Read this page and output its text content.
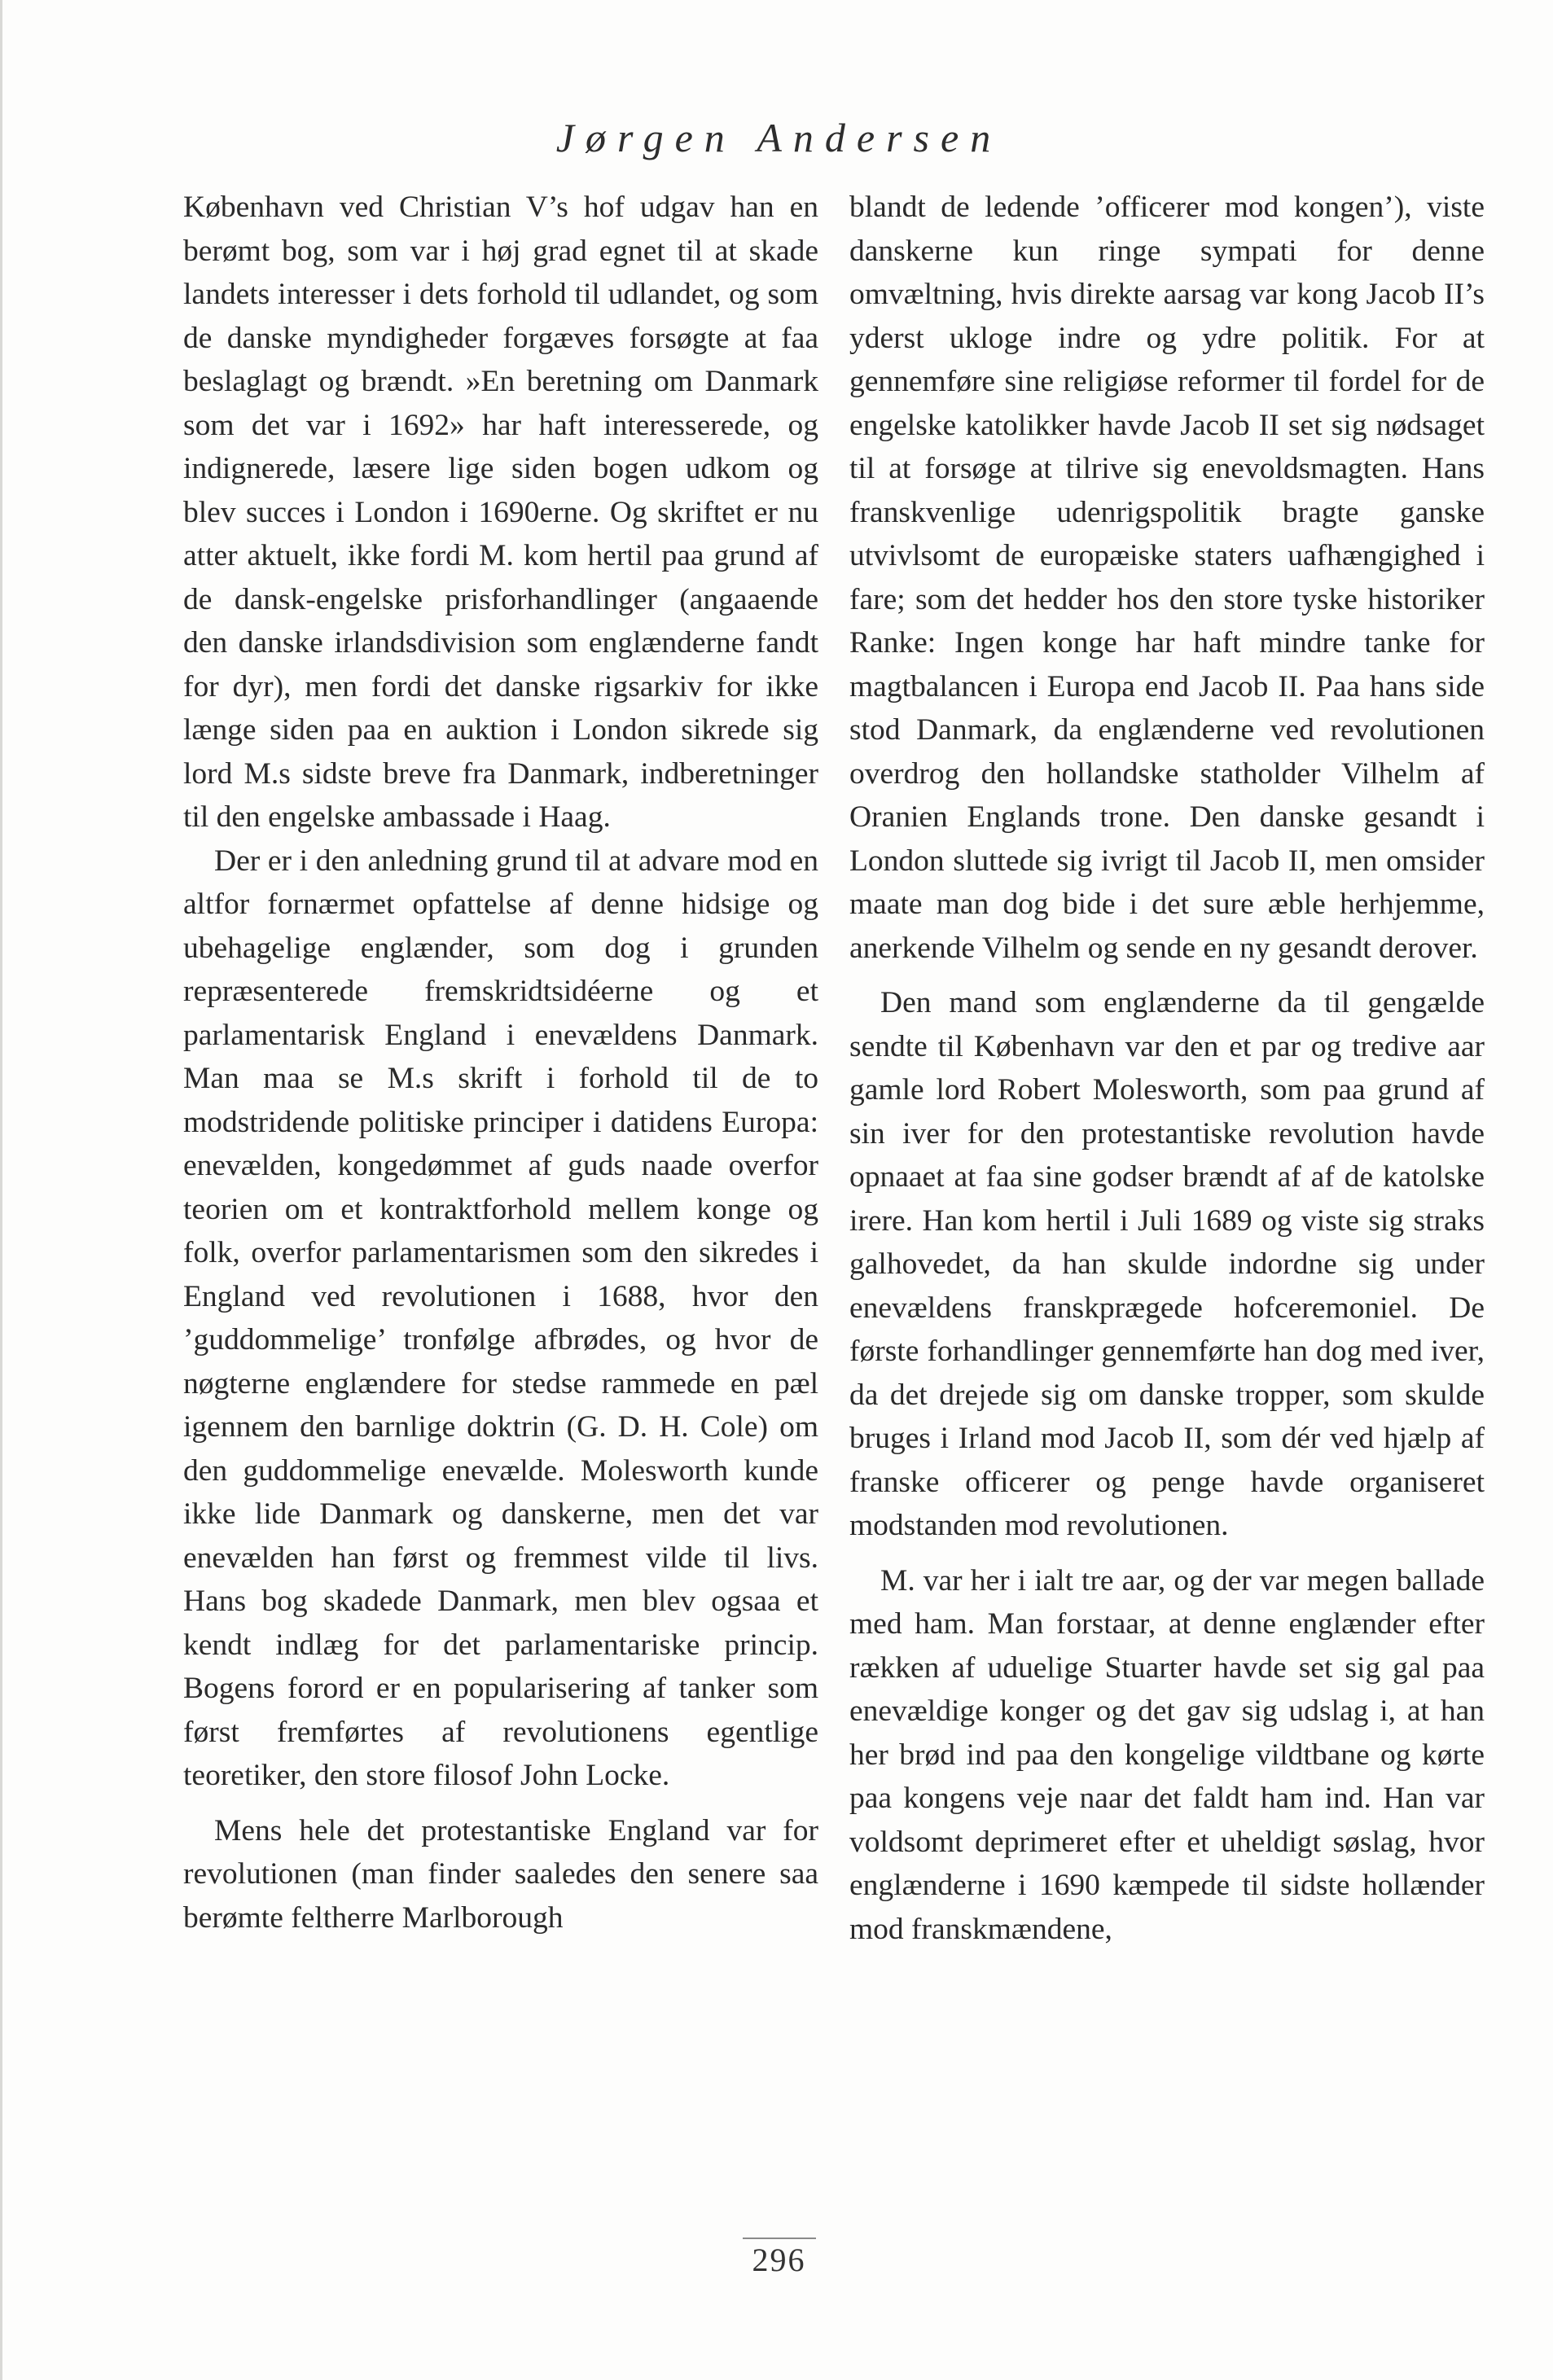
Jørgen Andersen

København ved Christian V’s hof udgav han en berømt bog, som var i høj grad egnet til at skade landets interesser i dets forhold til udlandet, og som de danske myndigheder forgæves forsøgte at faa beslaglagt og brændt. »En beretning om Danmark som det var i 1692» har haft interesserede, og indignerede, læsere lige siden bogen udkom og blev succes i London i 1690erne. Og skriftet er nu atter aktuelt, ikke fordi M. kom hertil paa grund af de dansk-engelske prisforhandlinger (angaaende den danske irlandsdivision som englænderne fandt for dyr), men fordi det danske rigsarkiv for ikke længe siden paa en auktion i London sikrede sig lord M.s sidste breve fra Danmark, indberetninger til den engelske ambassade i Haag.

Der er i den anledning grund til at advare mod en altfor fornærmet opfattelse af denne hidsige og ubehagelige englænder, som dog i grunden repræsenterede fremskridtsidéerne og et parlamentarisk England i enevældens Danmark. Man maa se M.s skrift i forhold til de to modstridende politiske principer i datidens Europa: enevælden, kongedømmet af guds naade overfor teorien om et kontraktforhold mellem konge og folk, overfor parlamentarismen som den sikredes i England ved revolutionen i 1688, hvor den ’guddommelige’ tronfølge afbrødes, og hvor de nøgterne englændere for stedse rammede en pæl igennem den barnlige doktrin (G. D. H. Cole) om den guddommelige enevælde. Molesworth kunde ikke lide Danmark og danskerne, men det var enevælden han først og fremmest vilde til livs. Hans bog skadede Danmark, men blev ogsaa et kendt indlæg for det parlamentariske princip. Bogens forord er en popularisering af tanker som først fremførtes af revolutionens egentlige teoretiker, den store filosof John Locke.

Mens hele det protestantiske England var for revolutionen (man finder saaledes den senere saa berømte feltherre Marlborough

blandt de ledende ’officerer mod kongen’), viste danskerne kun ringe sympati for denne omvæltning, hvis direkte aarsag var kong Jacob II’s yderst ukloge indre og ydre politik. For at gennemføre sine religiøse reformer til fordel for de engelske katolikker havde Jacob II set sig nødsaget til at forsøge at tilrive sig enevoldsmagten. Hans franskvenlige udenrigspolitik bragte ganske utvivlsomt de europæiske staters uafhængighed i fare; som det hedder hos den store tyske historiker Ranke: Ingen konge har haft mindre tanke for magtbalancen i Europa end Jacob II. Paa hans side stod Danmark, da englænderne ved revolutionen overdrog den hollandske statholder Vilhelm af Oranien Englands trone. Den danske gesandt i London sluttede sig ivrigt til Jacob II, men omsider maate man dog bide i det sure æble herhjemme, anerkende Vilhelm og sende en ny gesandt derover.

Den mand som englænderne da til gengælde sendte til København var den et par og tredive aar gamle lord Robert Molesworth, som paa grund af sin iver for den protestantiske revolution havde opnaaet at faa sine godser brændt af af de katolske irere. Han kom hertil i Juli 1689 og viste sig straks galhovedet, da han skulde indordne sig under enevældens franskprægede hofceremoniel. De første forhandlinger gennemførte han dog med iver, da det drejede sig om danske tropper, som skulde bruges i Irland mod Jacob II, som dér ved hjælp af franske officerer og penge havde organiseret modstanden mod revolutionen.

M. var her i ialt tre aar, og der var megen ballade med ham. Man forstaar, at denne englænder efter rækken af uduelige Stuarter havde set sig gal paa enevældige konger og det gav sig udslag i, at han her brød ind paa den kongelige vildtbane og kørte paa kongens veje naar det faldt ham ind. Han var voldsomt deprimeret efter et uheldigt søslag, hvor englænderne i 1690 kæmpede til sidste hollænder mod franskmændene,

296
